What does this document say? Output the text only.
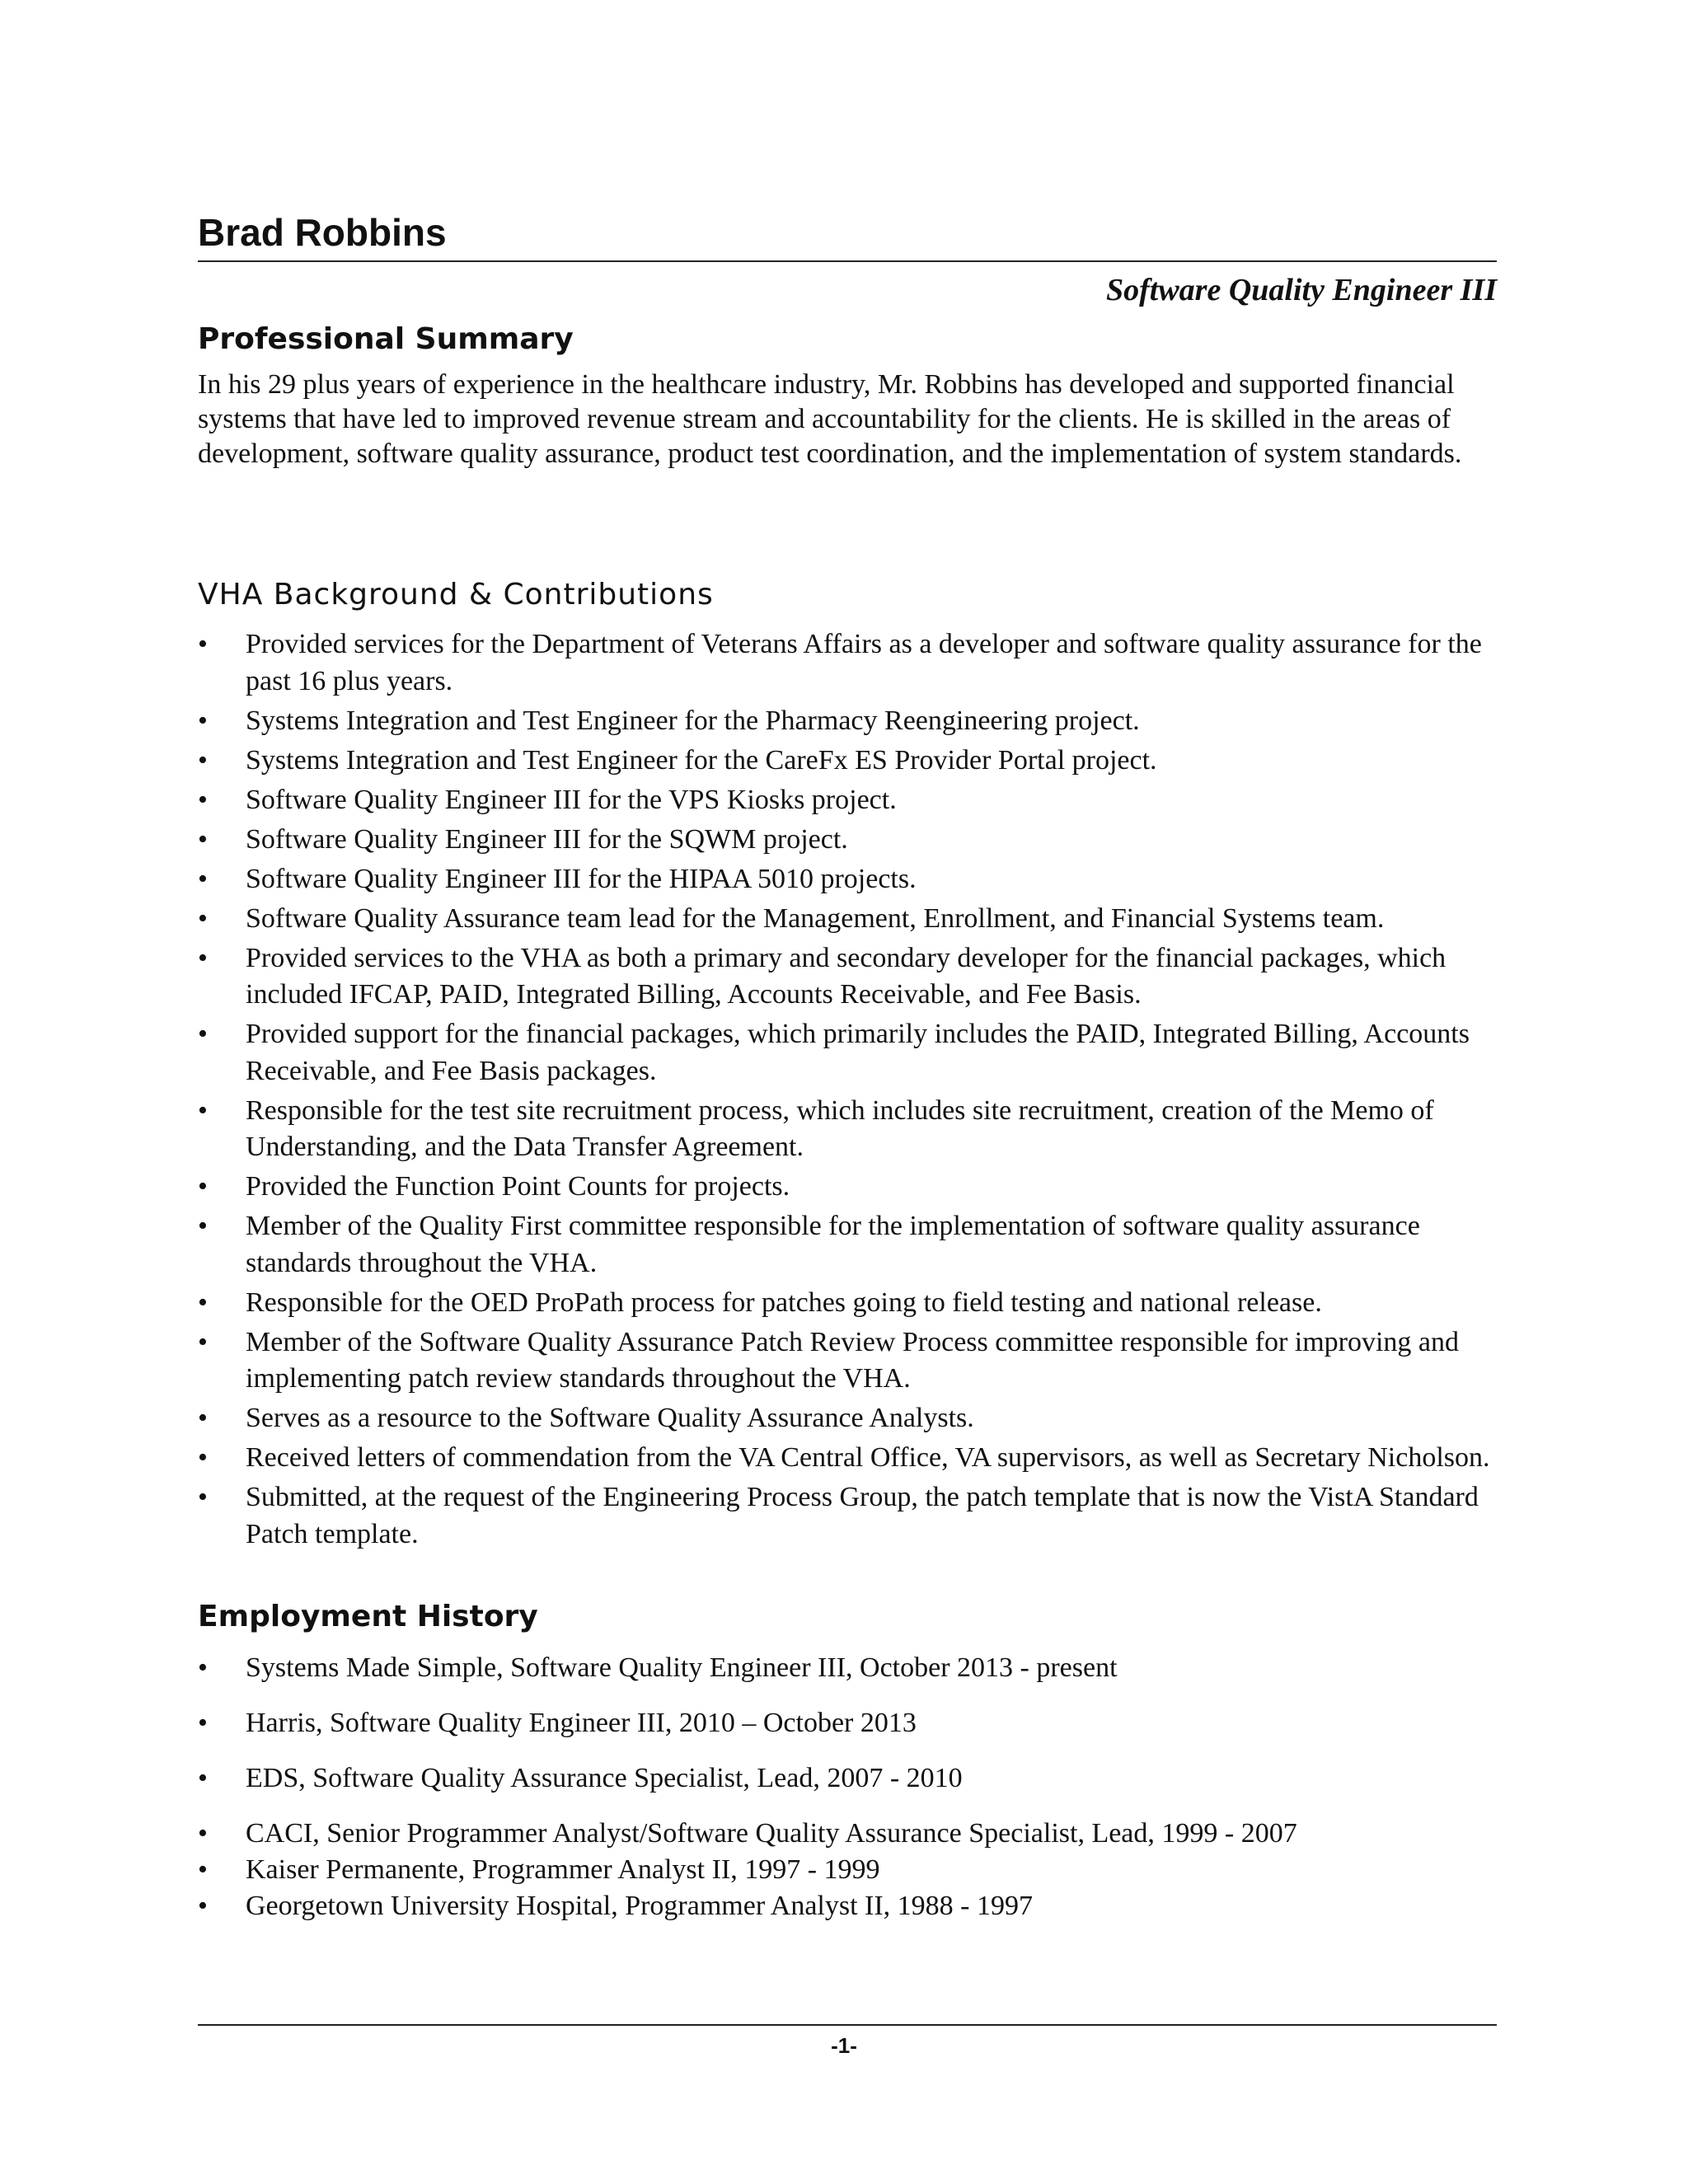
Brad Robbins
Software Quality Engineer III
Professional Summary

In his 29 plus years of experience in the healthcare industry, Mr. Robbins has developed and supported financial systems that have led to improved revenue stream and accountability for the clients. He is skilled in the areas of development, software quality assurance, product test coordination, and the implementation of system standards.

VHA Background & Contributions
• Provided services for the Department of Veterans Affairs as a developer and software quality assurance for the past 16 plus years.
• Systems Integration and Test Engineer for the Pharmacy Reengineering project.
• Systems Integration and Test Engineer for the CareFx ES Provider Portal project.
• Software Quality Engineer III for the VPS Kiosks project.
• Software Quality Engineer III for the SQWM project.
• Software Quality Engineer III for the HIPAA 5010 projects.
• Software Quality Assurance team lead for the Management, Enrollment, and Financial Systems team.
• Provided services to the VHA as both a primary and secondary developer for the financial packages, which included IFCAP, PAID, Integrated Billing, Accounts Receivable, and Fee Basis.
• Provided support for the financial packages, which primarily includes the PAID, Integrated Billing, Accounts Receivable, and Fee Basis packages.
• Responsible for the test site recruitment process, which includes site recruitment, creation of the Memo of Understanding, and the Data Transfer Agreement.
• Provided the Function Point Counts for projects.
• Member of the Quality First committee responsible for the implementation of software quality assurance standards throughout the VHA.
• Responsible for the OED ProPath process for patches going to field testing and national release.
• Member of the Software Quality Assurance Patch Review Process committee responsible for improving and implementing patch review standards throughout the VHA.
• Serves as a resource to the Software Quality Assurance Analysts.
• Received letters of commendation from the VA Central Office, VA supervisors, as well as Secretary Nicholson.
• Submitted, at the request of the Engineering Process Group, the patch template that is now the VistA Standard Patch template.
Employment History
• Systems Made Simple, Software Quality Engineer III, October 2013 - present
• Harris, Software Quality Engineer III, 2010 – October 2013
• EDS, Software Quality Assurance Specialist, Lead, 2007 - 2010
• CACI, Senior Programmer Analyst/Software Quality Assurance Specialist, Lead, 1999 - 2007
• Kaiser Permanente, Programmer Analyst II, 1997 - 1999
• Georgetown University Hospital, Programmer Analyst II, 1988 - 1997
-1-
